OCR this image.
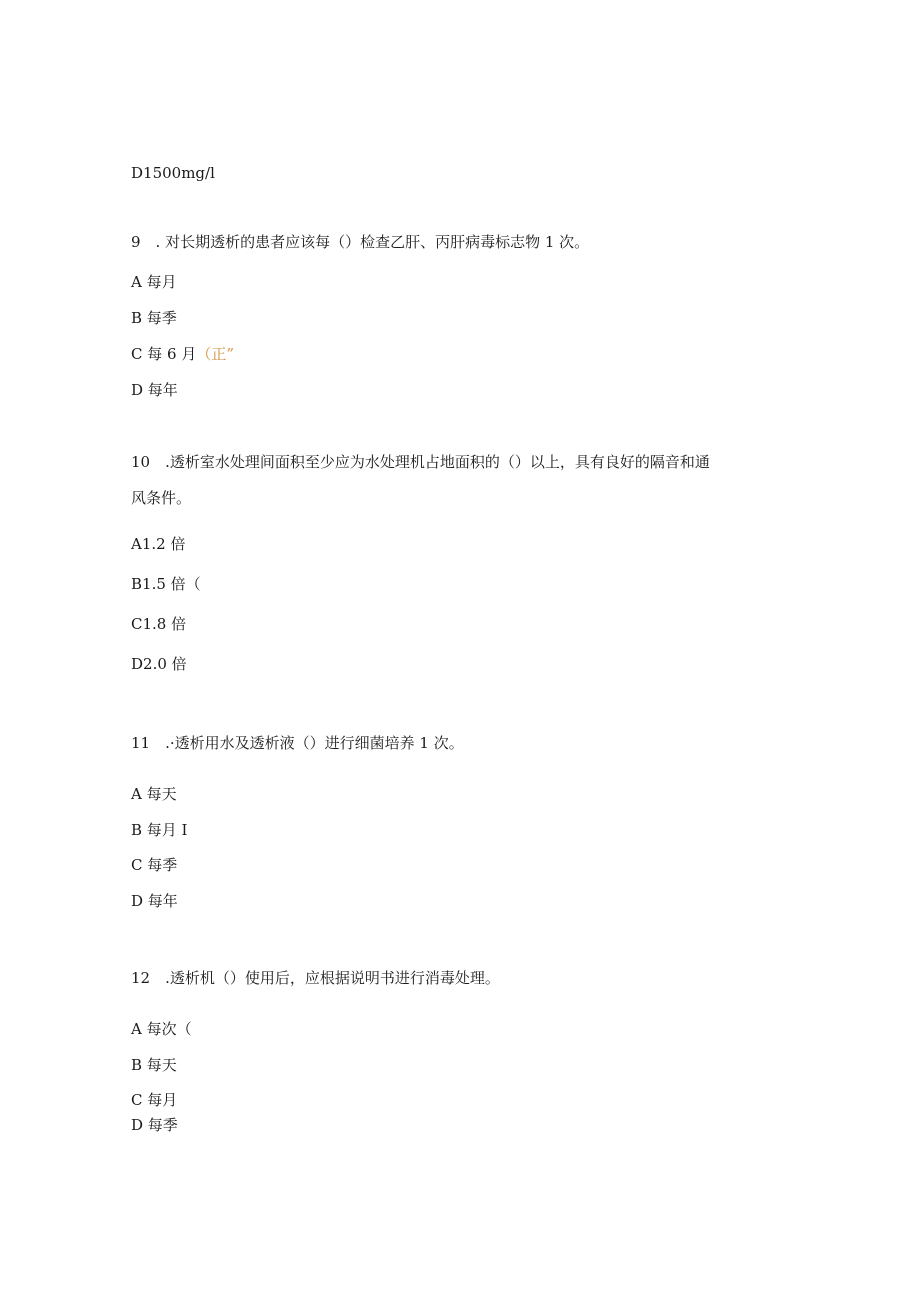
D1500mg/l
9　. 对长期透析的患者应该每（）检查乙肝、丙肝病毒标志物 1 次。
A 每月
B 每季
C 每 6 月（正”
D 每年
10　.透析室水处理间面积至少应为水处理机占地面积的（）以上，具有良好的隔音和通
风条件。
A1.2 倍
B1.5 倍（
C1.8 倍
D2.0 倍
11　.·透析用水及透析液（）进行细菌培养 1 次。
A 每天
B 每月 I
C 每季
D 每年
12　.透析机（）使用后，应根据说明书进行消毒处理。
A 每次（
B 每天
C 每月
D 每季
